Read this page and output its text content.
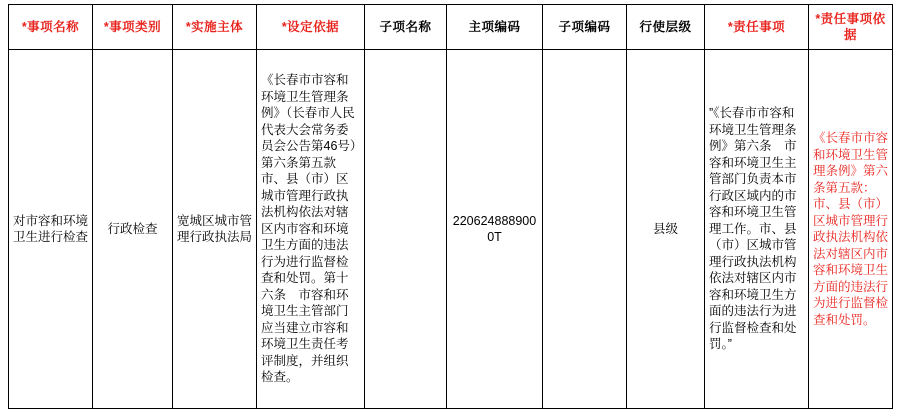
*事项名称	*事项类别	*实施主体	*设定依据	子项名称	主项编码	子项编码	行使层级	*责任事项	*责任事项依据
对市容和环境卫生进行检查	行政检查	宽城区城市管理行政执法局	《长春市市容和环境卫生管理条例》（长春市人民代表大会常务委员会公告第46号）第六条第五款市、县（市）区城市管理行政执法机构依法对辖区内市容和环境卫生方面的违法行为进行监督检查和处罚。第十六条　市容和环境卫生主管部门应当建立市容和环境卫生责任考评制度，并组织检查。		2206248889000T		县级	”《长春市市容和环境卫生管理条例》第六条　市容和环境卫生主管部门负责本市行政区域内的市容和环境卫生管理工作。市、县（市）区城市管理行政执法机构依法对辖区内市容和环境卫生方面的违法行为进行监督检查和处罚。”	《长春市市容和环境卫生管理条例》第六条第五款：市、县（市）区城市管理行政执法机构依法对辖区内市容和环境卫生方面的违法行为进行监督检查和处罚。
